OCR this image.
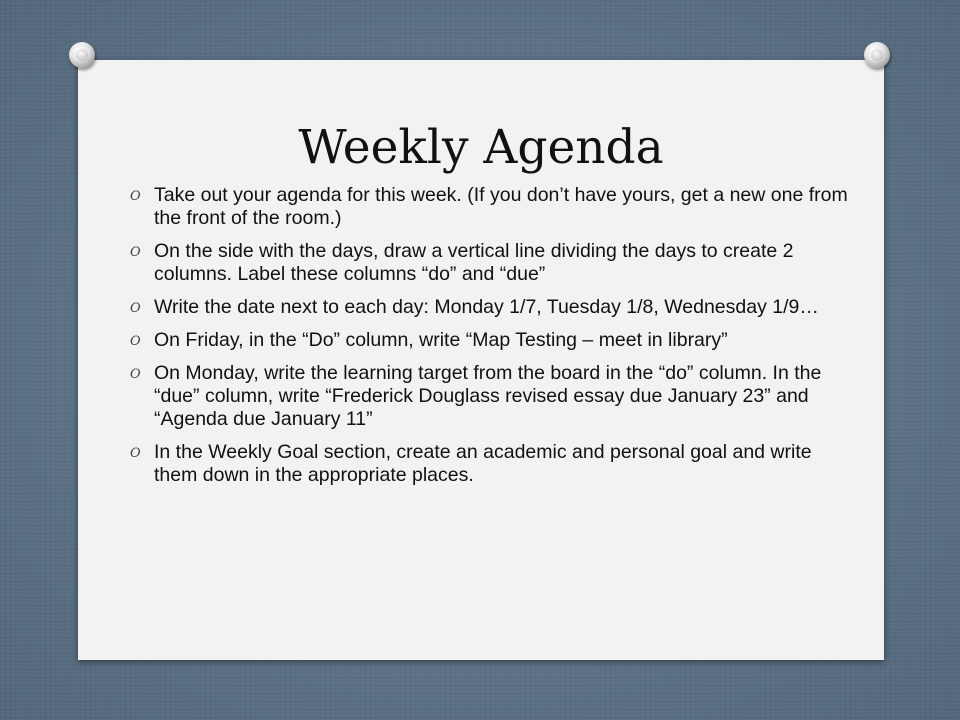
Weekly Agenda
O Take out your agenda for this week. (If you don’t have yours, get a new one from the front of the room.)
O On the side with the days, draw a vertical line dividing the days to create 2 columns. Label these columns “do” and “due”
O Write the date next to each day: Monday 1/7, Tuesday 1/8, Wednesday 1/9…
O On Friday, in the “Do” column, write “Map Testing – meet in library”
O On Monday, write the learning target from the board in the “do” column. In the “due” column, write “Frederick Douglass revised essay due January 23” and “Agenda due January 11”
O In the Weekly Goal section, create an academic and personal goal and write them down in the appropriate places.
